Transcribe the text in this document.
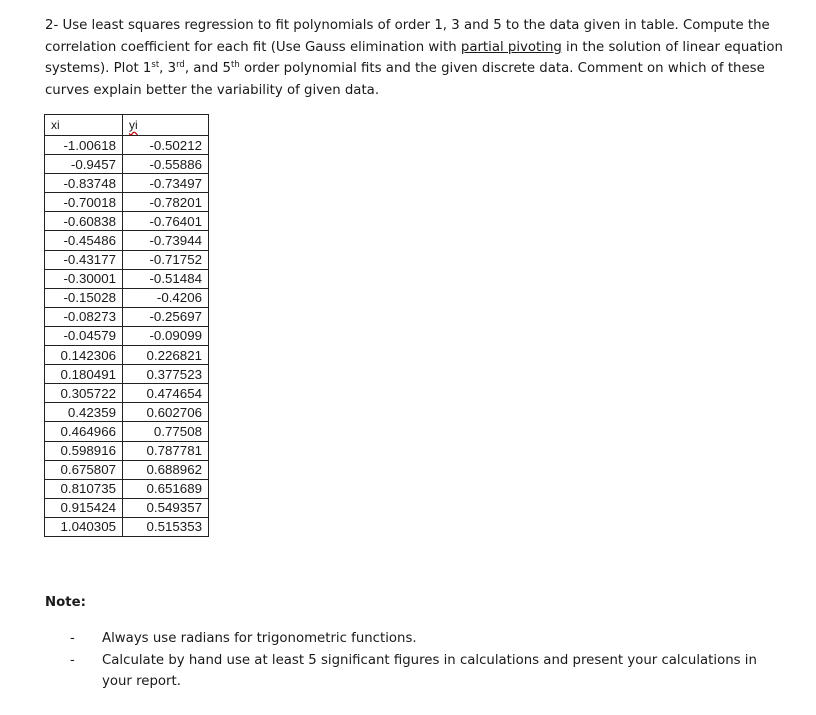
2- Use least squares regression to fit polynomials of order 1, 3 and 5 to the data given in table. Compute the correlation coefficient for each fit (Use Gauss elimination with partial pivoting in the solution of linear equation systems). Plot 1st, 3rd, and 5th order polynomial fits and the given discrete data. Comment on which of these curves explain better the variability of given data.

xi	yi
-1.00618	-0.50212
-0.9457	-0.55886
-0.83748	-0.73497
-0.70018	-0.78201
-0.60838	-0.76401
-0.45486	-0.73944
-0.43177	-0.71752
-0.30001	-0.51484
-0.15028	-0.4206
-0.08273	-0.25697
-0.04579	-0.09099
0.142306	0.226821
0.180491	0.377523
0.305722	0.474654
0.42359	0.602706
0.464966	0.77508
0.598916	0.787781
0.675807	0.688962
0.810735	0.651689
0.915424	0.549357
1.040305	0.515353

Note:

- Always use radians for trigonometric functions.
- Calculate by hand use at least 5 significant figures in calculations and present your calculations in your report.
